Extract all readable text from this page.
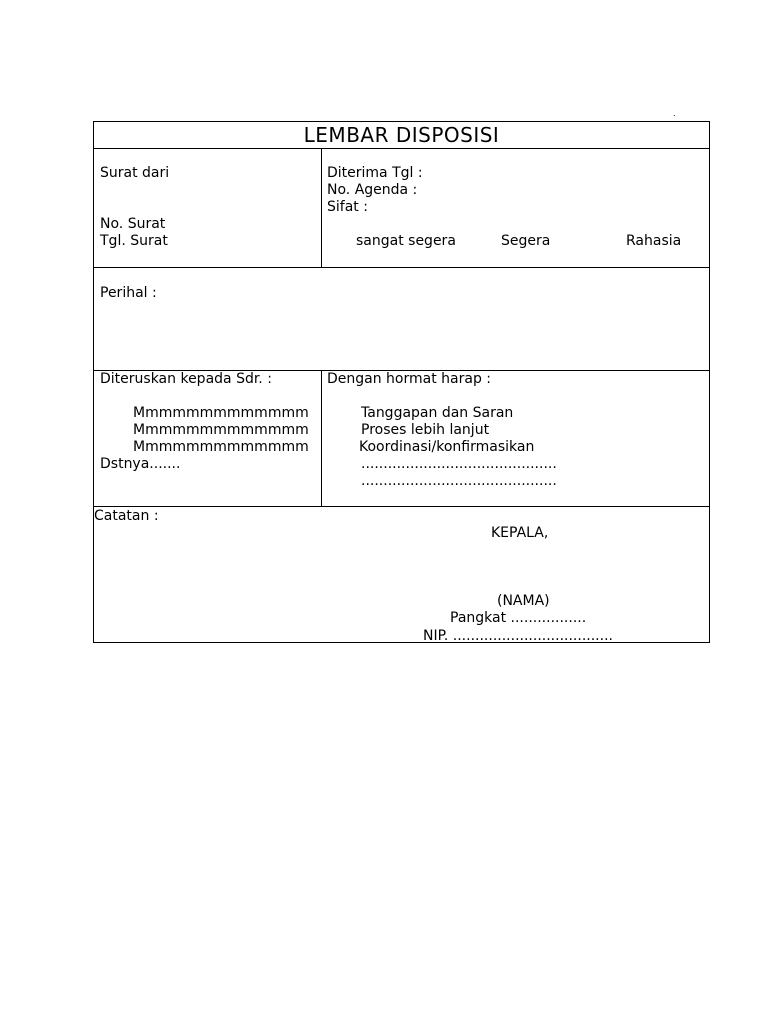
.
LEMBAR DISPOSISI
Surat dari
No. Surat
Tgl. Surat
Diterima Tgl :
No. Agenda :
Sifat :
sangat segera	Segera	Rahasia
Perihal :
Diteruskan kepada Sdr. :
Mmmmmmmmmmmmm
Mmmmmmmmmmmmm
Mmmmmmmmmmmmm
Dstnya.......
Dengan hormat harap :
Tanggapan dan Saran
Proses lebih lanjut
Koordinasi/konfirmasikan
............................................
............................................
Catatan :
KEPALA,
(NAMA)
Pangkat .................
NIP. ....................................
